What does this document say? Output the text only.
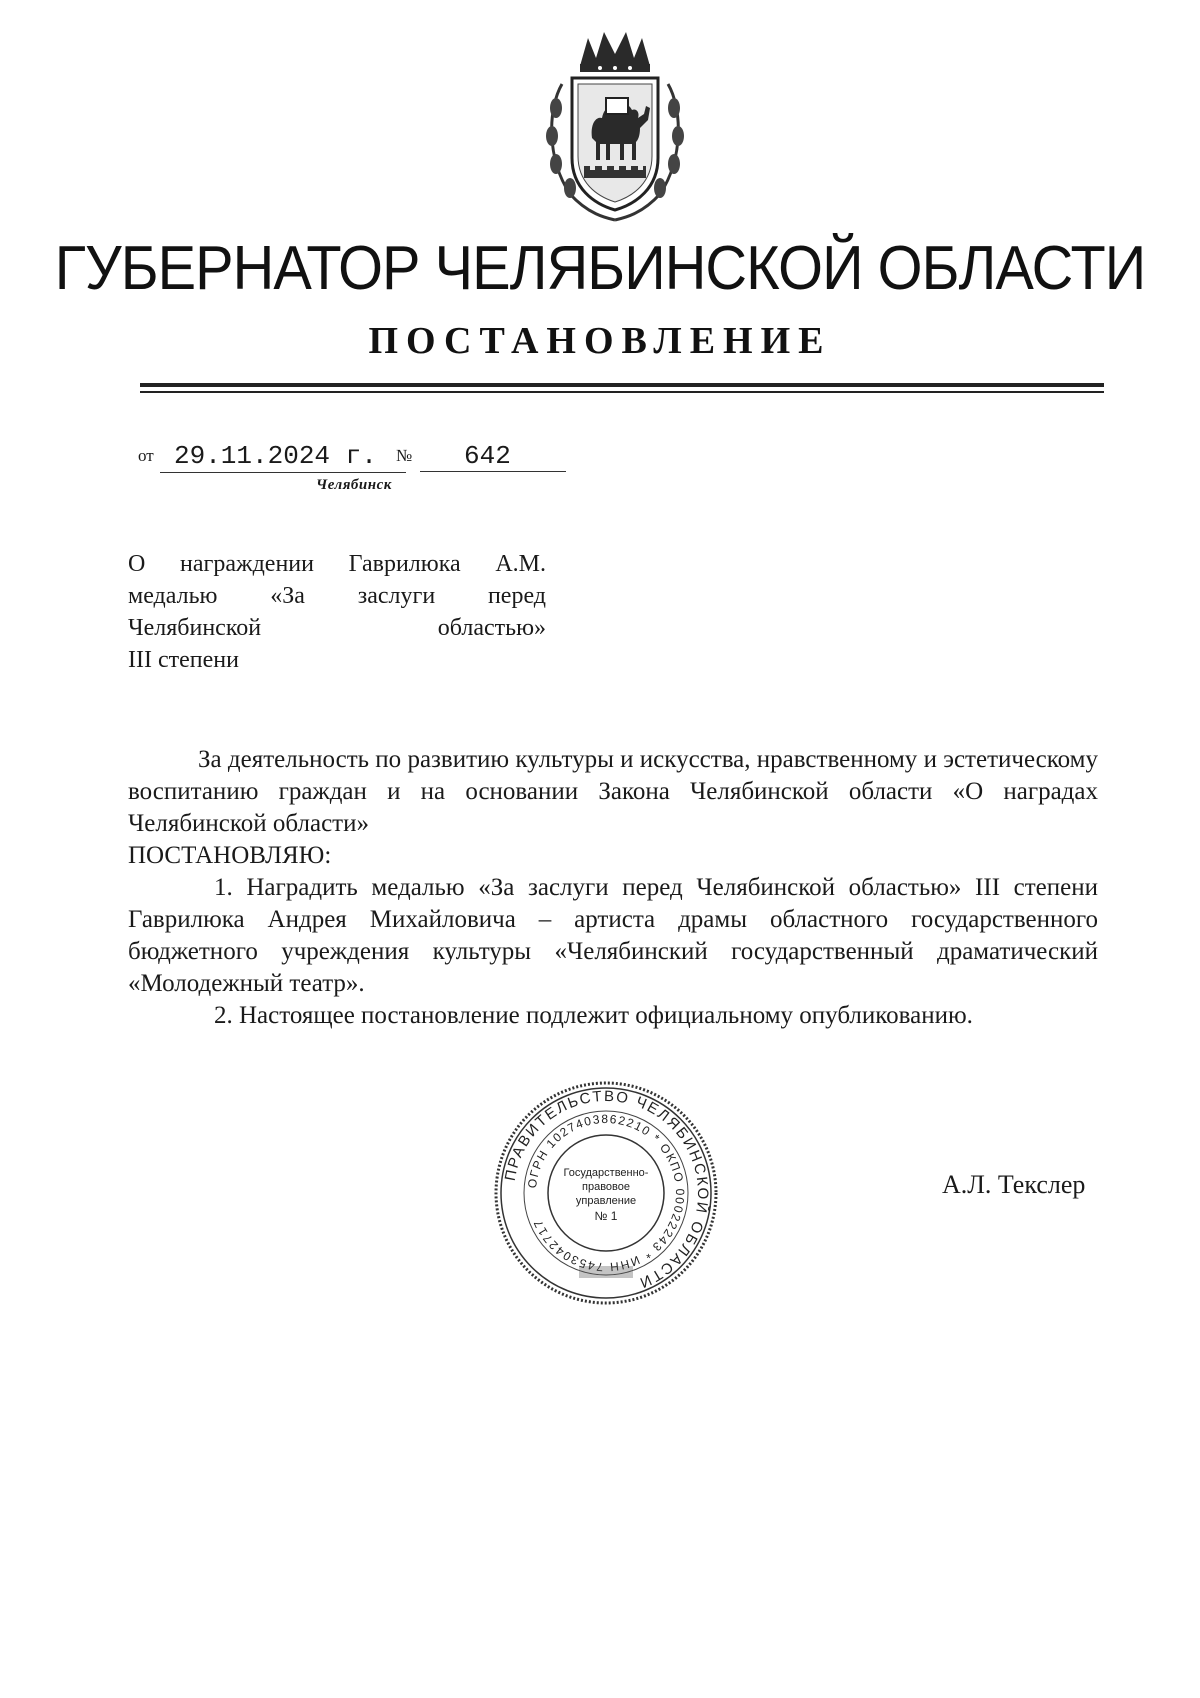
ГУБЕРНАТОР ЧЕЛЯБИНСКОЙ ОБЛАСТИ
ПОСТАНОВЛЕНИЕ
от 29.11.2024 г.	№	642
Челябинск
О награждении Гаврилюка А.М.
медалью «За заслуги перед
Челябинской областью»
III степени

За деятельность по развитию культуры и искусства, нравственному и эстетическому воспитанию граждан и на основании Закона Челябинской области «О наградах Челябинской области»

ПОСТАНОВЛЯЮ:

1. Наградить медалью «За заслуги перед Челябинской областью» III степени Гаврилюка Андрея Михайловича – артиста драмы областного государственного бюджетного учреждения культуры «Челябинский государственный драматический «Молодежный театр».

2. Настоящее постановление подлежит официальному опубликованию.

ПРАВИТЕЛЬСТВО ЧЕЛЯБИНСКОЙ ОБЛАСТИ
ОГРН 1027403862210 * ОКПО 00022243 * ИНН 7453042717
Государственно-
правовое
управление
№ 1
А.Л. Текслер
